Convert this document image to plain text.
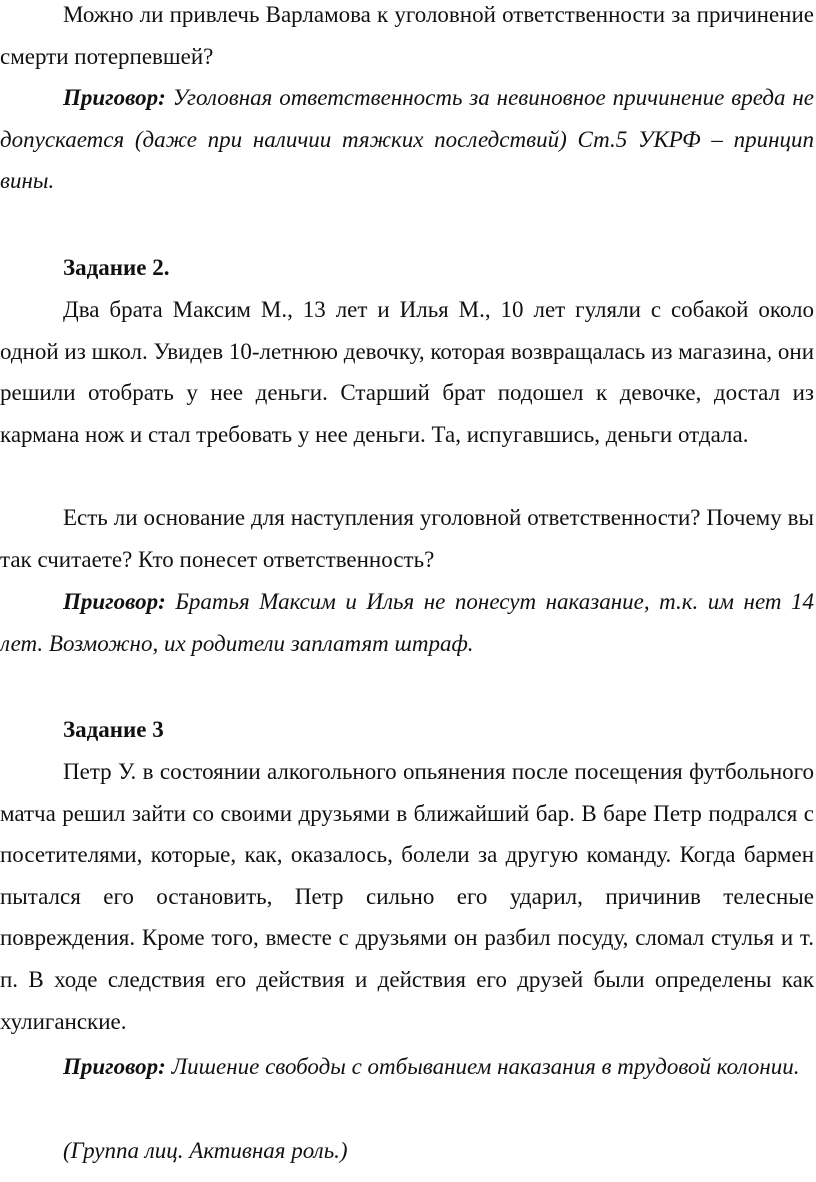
Можно ли привлечь Варламова к уголовной ответственности за причинение смерти потерпевшей?

Приговор: Уголовная ответственность за невиновное причинение вреда не допускается (даже при наличии тяжких последствий) Ст.5 УКРФ – принцип вины.

Задание 2.

Два брата Максим М., 13 лет и Илья М., 10 лет гуляли с собакой около одной из школ. Увидев 10-летнюю девочку, которая возвращалась из магазина, они решили отобрать у нее деньги. Старший брат подошел к девочке, достал из кармана нож и стал требовать у нее деньги. Та, испугавшись, деньги отдала.

Есть ли основание для наступления уголовной ответственности? Почему вы так считаете? Кто понесет ответственность?

Приговор: Братья Максим и Илья не понесут наказание, т.к. им нет 14 лет. Возможно, их родители заплатят штраф.

Задание 3

Петр У. в состоянии алкогольного опьянения после посещения футбольного матча решил зайти со своими друзьями в ближайший бар. В баре Петр подрался с посетителями, которые, как, оказалось, болели за другую команду. Когда бармен пытался его остановить, Петр сильно его ударил, причинив телесные повреждения. Кроме того, вместе с друзьями он разбил посуду, сломал стулья и т. п. В ходе следствия его действия и действия его друзей были определены как хулиганские.

Приговор: Лишение свободы с отбыванием наказания в трудовой колонии.

(Группа лиц. Активная роль.)
